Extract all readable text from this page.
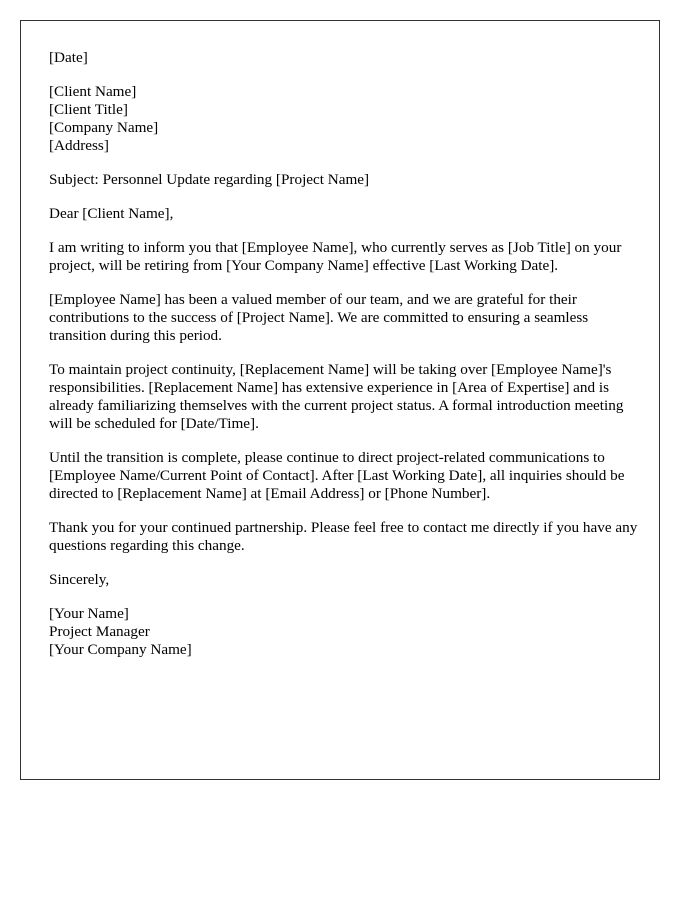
[Date]
[Client Name]
[Client Title]
[Company Name]
[Address]
Subject: Personnel Update regarding [Project Name]
Dear [Client Name],

I am writing to inform you that [Employee Name], who currently serves as [Job Title] on your project, will be retiring from [Your Company Name] effective [Last Working Date].

[Employee Name] has been a valued member of our team, and we are grateful for their contributions to the success of [Project Name]. We are committed to ensuring a seamless transition during this period.

To maintain project continuity, [Replacement Name] will be taking over [Employee Name]'s responsibilities. [Replacement Name] has extensive experience in [Area of Expertise] and is already familiarizing themselves with the current project status. A formal introduction meeting will be scheduled for [Date/Time].

Until the transition is complete, please continue to direct project-related communications to [Employee Name/Current Point of Contact]. After [Last Working Date], all inquiries should be directed to [Replacement Name] at [Email Address] or [Phone Number].

Thank you for your continued partnership. Please feel free to contact me directly if you have any questions regarding this change.

Sincerely,
[Your Name]
Project Manager
[Your Company Name]
